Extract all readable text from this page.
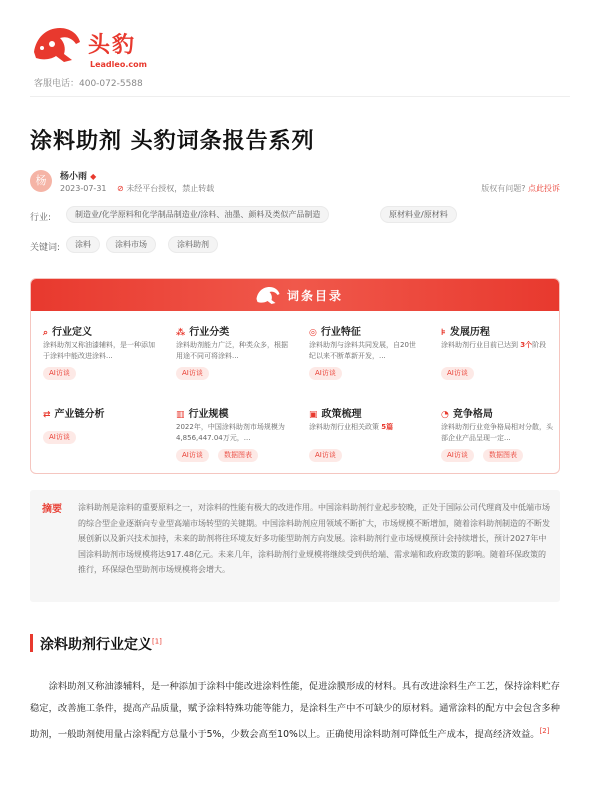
头豹
Leadleo.com
客服电话：400-072-5588
涂料助剂 头豹词条报告系列
杨	杨小雨 ◆
2023-07-31 ⊘ 未经平台授权，禁止转载	版权有问题? 点此投诉
行业:	制造业/化学原料和化学制品制造业/涂料、油墨、颜料及类似产品制造	原材料业/原材料
关键词:	涂料	涂料市场	涂料助剂
词条目录
⌕ 行业定义
涂料助剂又称油漆辅料，是一种添加于涂料中能改进涂料...
AI访谈
⁂ 行业分类
涂料助剂能力广泛，种类众多，根据用途不同可将涂料...
AI访谈
◎ 行业特征
涂料助剂与涂料共同发展，自20世纪以来不断革新开发，...
AI访谈
⊧ 发展历程
涂料助剂行业目前已达到 3个阶段
AI访谈
⇄ 产业链分析
AI访谈
▥ 行业规模
2022年，中国涂料助剂市场规模为4,856,447.04万元，...
AI访谈	数据图表
▣ 政策梳理
涂料助剂行业相关政策 5篇
AI访谈
◔ 竞争格局
涂料助剂行业竞争格局相对分散，头部企业产品呈现一定...
AI访谈	数据图表
摘要 涂料助剂是涂料的重要原料之一，对涂料的性能有极大的改进作用。中国涂料助剂行业起步较晚，正处于国际公司代理商及中低端市场的综合型企业逐渐向专业型高端市场转型的关键期。中国涂料助剂应用领域不断扩大，市场规模不断增加，随着涂料助剂制造的不断发展创新以及新兴技术加持，未来的助剂将往环境友好多功能型助剂方向发展。涂料助剂行业市场规模预计会持续增长，预计2027年中国涂料助剂市场规模将达917.48亿元。未来几年，涂料助剂行业规模将继续受到供给端、需求端和政府政策的影响。随着环保政策的推行，环保绿色型助剂市场规模将会增大。

涂料助剂行业定义[1]

涂料助剂又称油漆辅料，是一种添加于涂料中能改进涂料性能，促进涂膜形成的材料。具有改进涂料生产工艺，保持涂料贮存稳定，改善施工条件，提高产品质量，赋予涂料特殊功能等能力，是涂料生产中不可缺少的原材料。通常涂料的配方中会包含多种助剂，一般助剂使用量占涂料配方总量小于5%，少数会高至10%以上。正确使用涂料助剂可降低生产成本，提高经济效益。[2]
